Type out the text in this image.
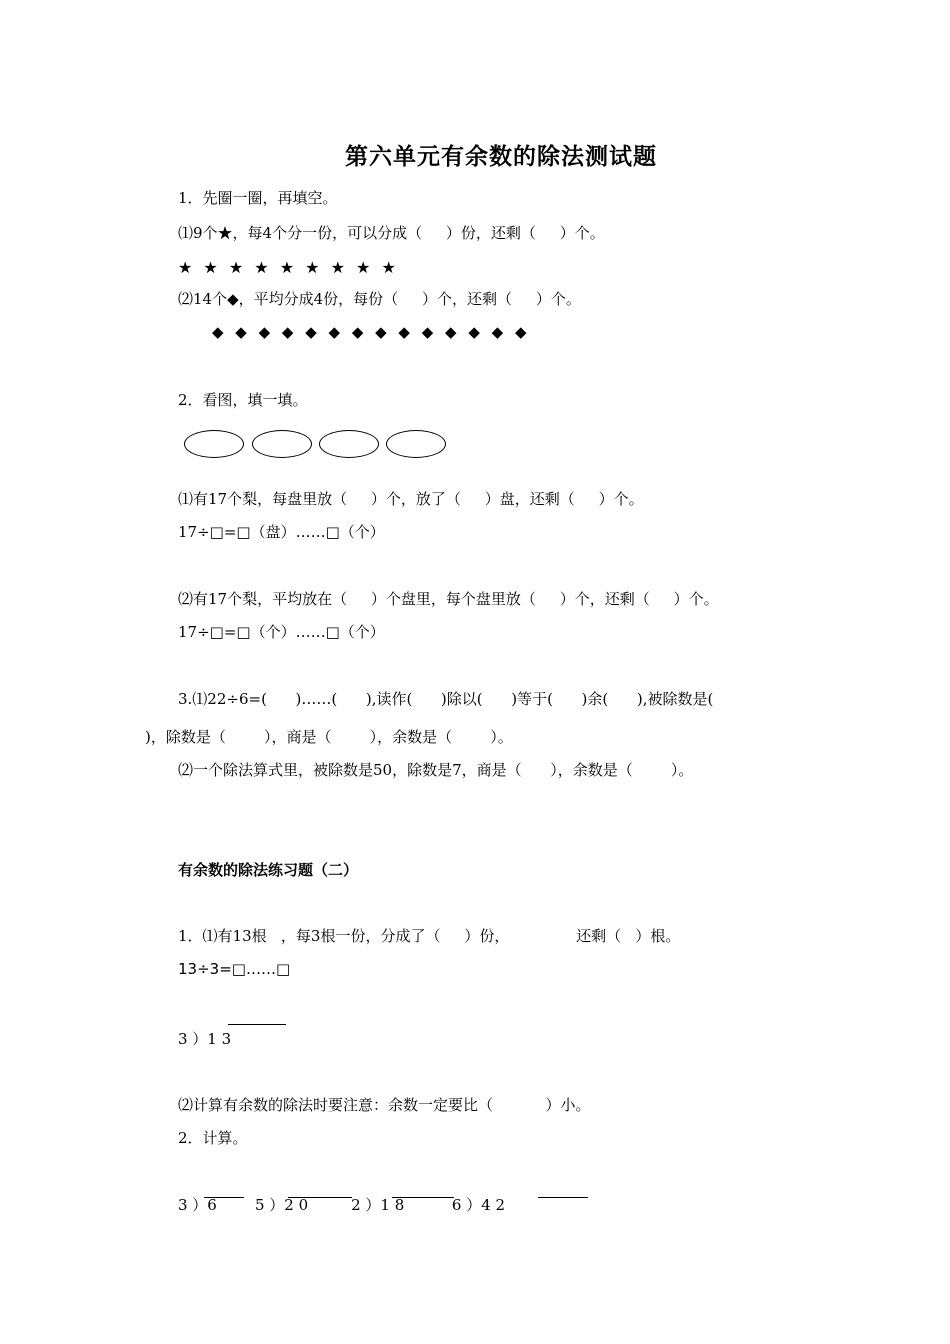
第六单元有余数的除法测试题
1．先圈一圈，再填空。
⑴9个★，每4个分一份，可以分成（     ）份，还剩（     ）个。
★ ★ ★ ★ ★ ★ ★ ★ ★
⑵14个◆，平均分成4份，每份（     ）个，还剩（     ）个。
◆ ◆ ◆ ◆ ◆ ◆ ◆ ◆ ◆ ◆ ◆ ◆ ◆ ◆
2．看图，填一填。
⑴有17个梨，每盘里放（     ）个，放了（     ）盘，还剩（     ）个。
17÷□=□（盘）……□（个）
⑵有17个梨，平均放在（     ）个盘里，每个盘里放（     ）个，还剩（     ）个。
17÷□=□（个）……□（个）
3.⑴22÷6=(      )……(      ),读作(      )除以(      )等于(      )余(      ),被除数是(
)，除数是（        ），商是（        ），余数是（        ）。
⑵一个除法算式里，被除数是50，除数是7，商是（      ），余数是（        ）。
有余数的除法练习题（二）
1．⑴有13根   ，每3根一份，分成了（     ）份，              还剩（   ）根。
13÷3=□……□
3 ）1 3
⑵计算有余数的除法时要注意：余数一定要比（           ）小。
2．计算。
3 ）6        5 ）2 0         2 ）1 8          6 ）4 2
